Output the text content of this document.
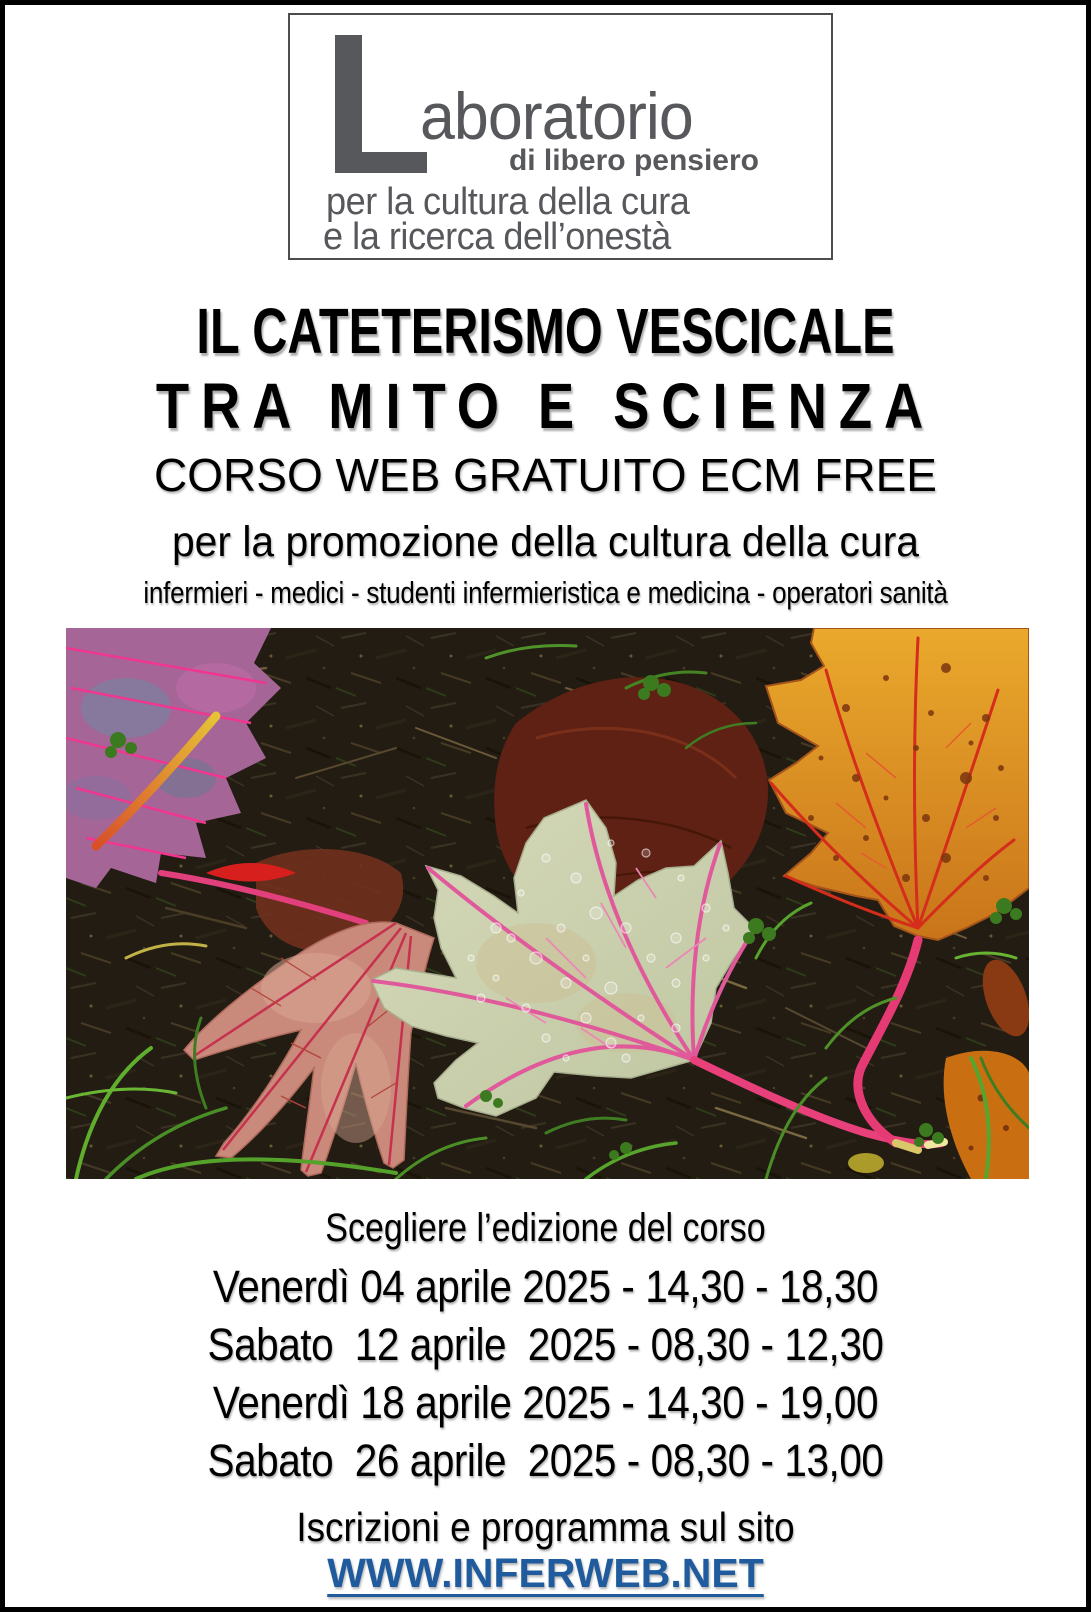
aboratorio
di libero pensiero
per la cultura della cura
e la ricerca dell’onestà
IL CATETERISMO VESCICALE
TRA MITO E SCIENZA
CORSO WEB GRATUITO ECM FREE
per la promozione della cultura della cura
infermieri - medici - studenti infermieristica e medicina - operatori sanità
Scegliere l’edizione del corso
Venerdì 04 aprile 2025 - 14,30 - 18,30
Sabato  12 aprile  2025 - 08,30 - 12,30
Venerdì 18 aprile 2025 - 14,30 - 19,00
Sabato  26 aprile  2025 - 08,30 - 13,00
Iscrizioni e programma sul sito
WWW.INFERWEB.NET
